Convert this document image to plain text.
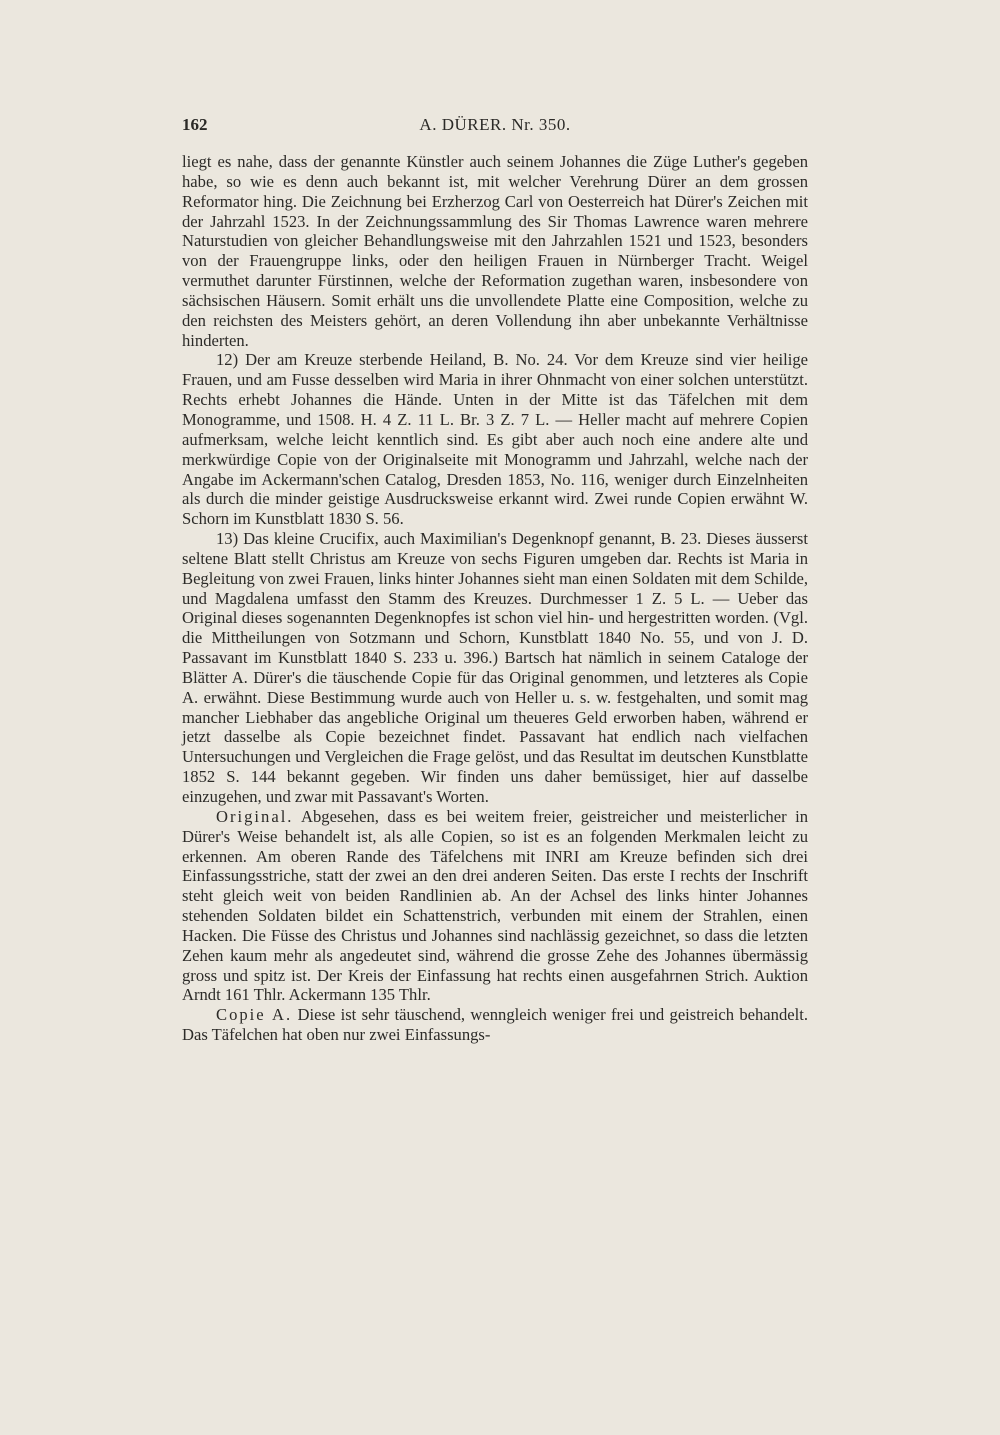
162	A. DÜRER. Nr. 350.

liegt es nahe, dass der genannte Künstler auch seinem Johannes die Züge Luther's gegeben habe, so wie es denn auch bekannt ist, mit welcher Verehrung Dürer an dem grossen Reformator hing. Die Zeichnung bei Erzherzog Carl von Oesterreich hat Dürer's Zeichen mit der Jahrzahl 1523. In der Zeichnungssammlung des Sir Thomas Lawrence waren mehrere Naturstudien von gleicher Behandlungsweise mit den Jahrzahlen 1521 und 1523, besonders von der Frauengruppe links, oder den heiligen Frauen in Nürnberger Tracht. Weigel vermuthet darunter Fürstinnen, welche der Reformation zugethan waren, insbesondere von sächsischen Häusern. Somit erhält uns die unvollendete Platte eine Composition, welche zu den reichsten des Meisters gehört, an deren Vollendung ihn aber unbekannte Verhältnisse hinderten.

12) Der am Kreuze sterbende Heiland, B. No. 24. Vor dem Kreuze sind vier heilige Frauen, und am Fusse desselben wird Maria in ihrer Ohnmacht von einer solchen unterstützt. Rechts erhebt Johannes die Hände. Unten in der Mitte ist das Täfelchen mit dem Monogramme, und 1508. H. 4 Z. 11 L. Br. 3 Z. 7 L. — Heller macht auf mehrere Copien aufmerksam, welche leicht kenntlich sind. Es gibt aber auch noch eine andere alte und merkwürdige Copie von der Originalseite mit Monogramm und Jahrzahl, welche nach der Angabe im Ackermann'schen Catalog, Dresden 1853, No. 116, weniger durch Einzelnheiten als durch die minder geistige Ausdrucksweise erkannt wird. Zwei runde Copien erwähnt W. Schorn im Kunstblatt 1830 S. 56.

13) Das kleine Crucifix, auch Maximilian's Degenknopf genannt, B. 23. Dieses äusserst seltene Blatt stellt Christus am Kreuze von sechs Figuren umgeben dar. Rechts ist Maria in Begleitung von zwei Frauen, links hinter Johannes sieht man einen Soldaten mit dem Schilde, und Magdalena umfasst den Stamm des Kreuzes. Durchmesser 1 Z. 5 L. — Ueber das Original dieses sogenannten Degenknopfes ist schon viel hin- und hergestritten worden. (Vgl. die Mittheilungen von Sotzmann und Schorn, Kunstblatt 1840 No. 55, und von J. D. Passavant im Kunstblatt 1840 S. 233 u. 396.) Bartsch hat nämlich in seinem Cataloge der Blätter A. Dürer's die täuschende Copie für das Original genommen, und letzteres als Copie A. erwähnt. Diese Bestimmung wurde auch von Heller u. s. w. festgehalten, und somit mag mancher Liebhaber das angebliche Original um theueres Geld erworben haben, während er jetzt dasselbe als Copie bezeichnet findet. Passavant hat endlich nach vielfachen Untersuchungen und Vergleichen die Frage gelöst, und das Resultat im deutschen Kunstblatte 1852 S. 144 bekannt gegeben. Wir finden uns daher bemüssiget, hier auf dasselbe einzugehen, und zwar mit Passavant's Worten.

Original. Abgesehen, dass es bei weitem freier, geistreicher und meisterlicher in Dürer's Weise behandelt ist, als alle Copien, so ist es an folgenden Merkmalen leicht zu erkennen. Am oberen Rande des Täfelchens mit INRI am Kreuze befinden sich drei Einfassungsstriche, statt der zwei an den drei anderen Seiten. Das erste I rechts der Inschrift steht gleich weit von beiden Randlinien ab. An der Achsel des links hinter Johannes stehenden Soldaten bildet ein Schattenstrich, verbunden mit einem der Strahlen, einen Hacken. Die Füsse des Christus und Johannes sind nachlässig gezeichnet, so dass die letzten Zehen kaum mehr als angedeutet sind, während die grosse Zehe des Johannes übermässig gross und spitz ist. Der Kreis der Einfassung hat rechts einen ausgefahrnen Strich. Auktion Arndt 161 Thlr. Ackermann 135 Thlr.

Copie A. Diese ist sehr täuschend, wenngleich weniger frei und geistreich behandelt. Das Täfelchen hat oben nur zwei Einfassungs-
